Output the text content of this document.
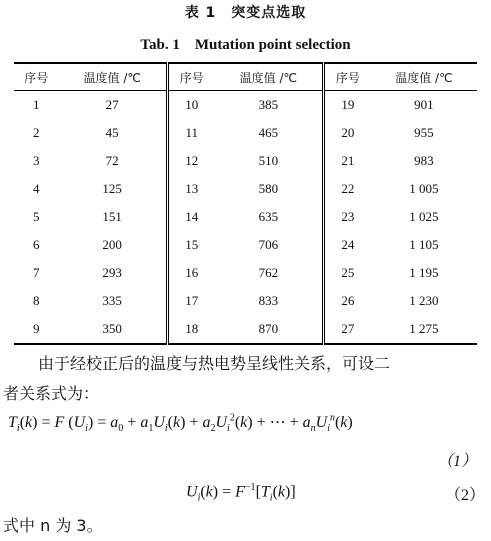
表 1　突变点选取
Tab. 1　Mutation point selection
序号	温度值 /℃	序号	温度值 /℃	序号	温度值 /℃
1	27	10	385	19	901
2	45	11	465	20	955
3	72	12	510	21	983
4	125	13	580	22	1 005
5	151	14	635	23	1 025
6	200	15	706	24	1 105
7	293	16	762	25	1 195
8	335	17	833	26	1 230
9	350	18	870	27	1 275
由于经校正后的温度与热电势呈线性关系，可设二
者关系式为：
$T_i(k) = F$ $(U_i) = a_0 + a_1U_i(k) + a_2U_i^2(k)$ + ⋯ + $a_nU_i^n(k)$
（1）
$U_i(k) = F^{-1}[T_i(k)]$	（2）
式中 n 为 3。
